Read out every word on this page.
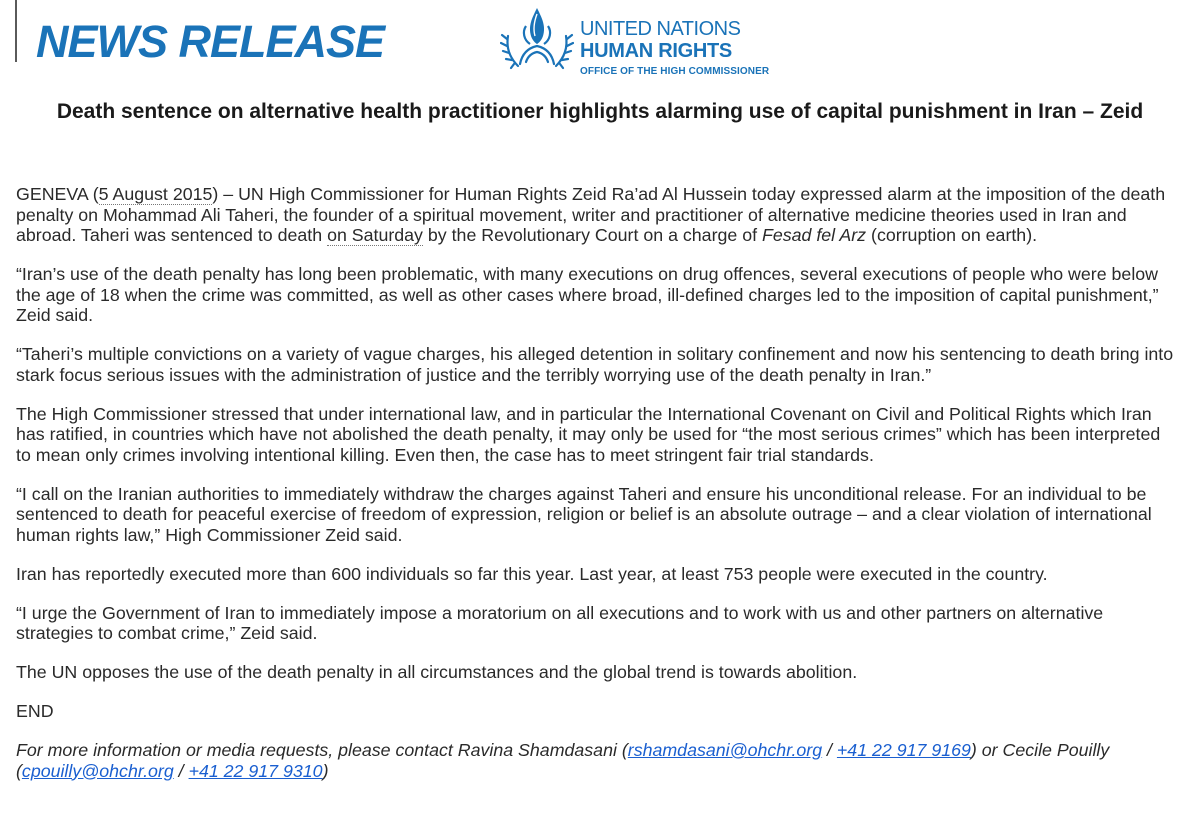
NEWS RELEASE	UNITED NATIONS
HUMAN RIGHTS
OFFICE OF THE HIGH COMMISSIONER
Death sentence on alternative health practitioner highlights alarming use of capital punishment in Iran – Zeid

GENEVA (5 August 2015) – UN High Commissioner for Human Rights Zeid Ra’ad Al Hussein today expressed alarm at the imposition of the death penalty on Mohammad Ali Taheri, the founder of a spiritual movement, writer and practitioner of alternative medicine theories used in Iran and abroad. Taheri was sentenced to death on Saturday by the Revolutionary Court on a charge of Fesad fel Arz (corruption on earth).

“Iran’s use of the death penalty has long been problematic, with many executions on drug offences, several executions of people who were below the age of 18 when the crime was committed, as well as other cases where broad, ill-defined charges led to the imposition of capital punishment,” Zeid said.

“Taheri’s multiple convictions on a variety of vague charges, his alleged detention in solitary confinement and now his sentencing to death bring into stark focus serious issues with the administration of justice and the terribly worrying use of the death penalty in Iran.”

The High Commissioner stressed that under international law, and in particular the International Covenant on Civil and Political Rights which Iran has ratified, in countries which have not abolished the death penalty, it may only be used for “the most serious crimes” which has been interpreted to mean only crimes involving intentional killing. Even then, the case has to meet stringent fair trial standards.

“I call on the Iranian authorities to immediately withdraw the charges against Taheri and ensure his unconditional release. For an individual to be sentenced to death for peaceful exercise of freedom of expression, religion or belief is an absolute outrage – and a clear violation of international human rights law,” High Commissioner Zeid said.

Iran has reportedly executed more than 600 individuals so far this year. Last year, at least 753 people were executed in the country.

“I urge the Government of Iran to immediately impose a moratorium on all executions and to work with us and other partners on alternative strategies to combat crime,” Zeid said.

The UN opposes the use of the death penalty in all circumstances and the global trend is towards abolition.

END

For more information or media requests, please contact Ravina Shamdasani (rshamdasani@ohchr.org / +41 22 917 9169) or Cecile Pouilly (cpouilly@ohchr.org / +41 22 917 9310)
